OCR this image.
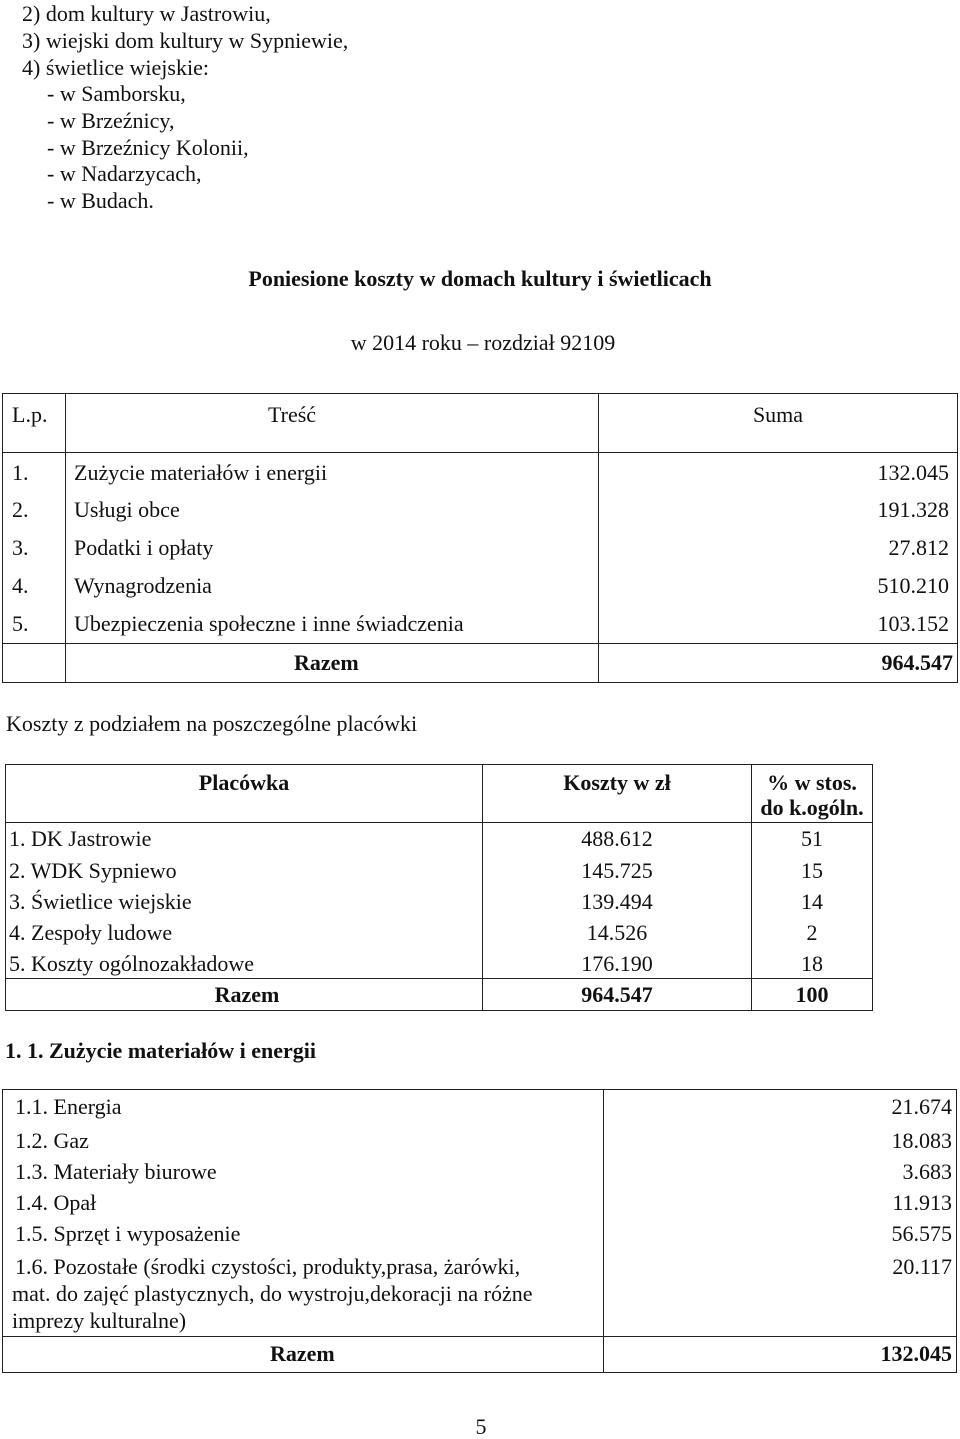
2) dom kultury w Jastrowiu,
3) wiejski dom kultury w Sypniewie,
4) świetlice wiejskie:
- w Samborsku,
- w Brzeźnicy,
- w Brzeźnicy Kolonii,
- w Nadarzycach,
- w Budach.
Poniesione koszty w domach kultury i świetlicach
w 2014 roku – rozdział 92109
L.p.	Treść	Suma
1.	Zużycie materiałów i energii	132.045
2.	Usługi obce	191.328
3.	Podatki i opłaty	27.812
4.	Wynagrodzenia	510.210
5.	Ubezpieczenia społeczne i inne świadczenia	103.152
	Razem	964.547
Koszty z podziałem na poszczególne placówki
Placówka	Koszty w zł	% w stos.
do k.ogóln.

1. DK Jastrowie	488.612	51
2. WDK Sypniewo	145.725	15
3. Świetlice wiejskie	139.494	14
4. Zespoły ludowe	14.526	2
5. Koszty ogólnozakładowe	176.190	18
Razem	964.547	100
1. 1. Zużycie materiałów i energii
1.1. Energia	21.674
1.2. Gaz	18.083
1.3. Materiały biurowe	3.683
1.4. Opał	11.913
1.5. Sprzęt i wyposażenie	56.575

1.6. Pozostałe (środki czystości, produkty,prasa, żarówki,
mat. do zajęć plastycznych, do wystroju,dekoracji na różne
imprezy kulturalne)	20.117
Razem	132.045
5
